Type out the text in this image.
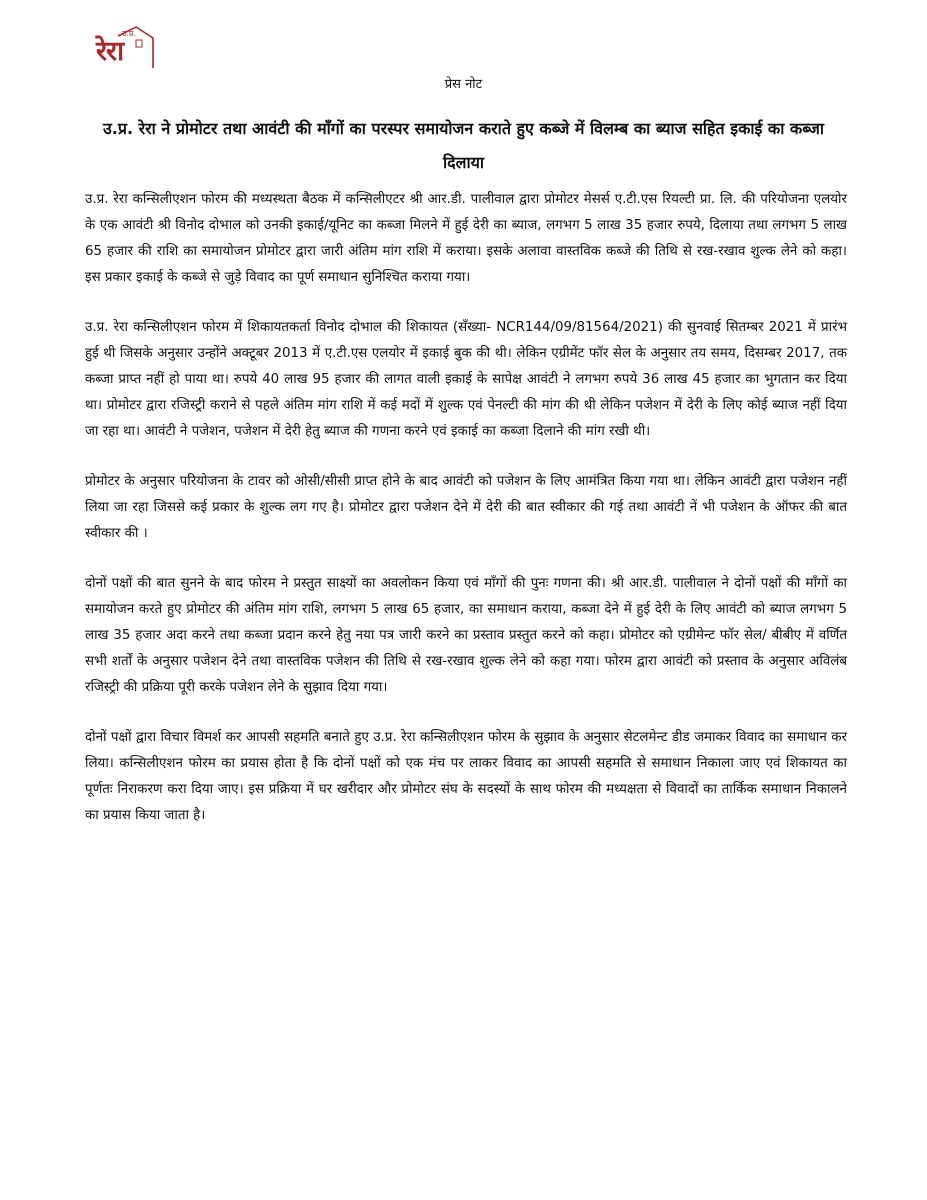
उ.प्र.
रेरा
प्रेस नोट
उ.प्र. रेरा ने प्रोमोटर तथा आवंटी की माँगों का परस्पर समायोजन कराते हुए कब्जे में विलम्ब का ब्याज सहित इकाई का कब्जा दिलाया

उ.प्र. रेरा कन्सिलीएशन फोरम की मध्यस्थता बैठक में कन्सिलीएटर श्री आर.डी. पालीवाल द्वारा प्रोमोटर मेसर्स ए.टी.एस रियल्टी प्रा. लि. की परियोजना एलयोर के एक आवंटी श्री विनोद दोभाल को उनकी इकाई/यूनिट का कब्जा मिलने में हुई देरी का ब्याज, लगभग 5 लाख 35 हजार रुपये, दिलाया तथा लगभग 5 लाख 65 हजार की राशि का समायोजन प्रोमोटर द्वारा जारी अंतिम मांग राशि में कराया। इसके अलावा वास्तविक कब्जे की तिथि से रख-रखाव शुल्क लेने को कहा। इस प्रकार इकाई के कब्जे से जुड़े विवाद का पूर्ण समाधान सुनिश्चित कराया गया।

उ.प्र. रेरा कन्सिलीएशन फोरम में शिकायतकर्ता विनोद दोभाल की शिकायत (सँख्या- NCR144/09/81564/2021) की सुनवाई सितम्बर 2021 में प्रारंभ हुई थी जिसके अनुसार उन्होंने अक्टूबर 2013 में ए.टी.एस एलयोर में इकाई बुक की थी। लेकिन एग्रीमेंट फॉर सेल के अनुसार तय समय, दिसम्बर 2017, तक कब्जा प्राप्त नहीं हो पाया था। रुपये 40 लाख 95 हजार की लागत वाली इकाई के सापेक्ष आवंटी ने लगभग रुपये 36 लाख 45 हजार का भुगतान कर दिया था। प्रोमोटर द्वारा रजिस्ट्री कराने से पहले अंतिम मांग राशि में कई मदों में शुल्क एवं पेनल्टी की मांग की थी लेकिन पजेशन में देरी के लिए कोई ब्याज नहीं दिया जा रहा था। आवंटी ने पजेशन, पजेशन में देरी हेतु ब्याज की गणना करने एवं इकाई का कब्जा दिलाने की मांग रखी थी।

प्रोमोटर के अनुसार परियोजना के टावर को ओसी/सीसी प्राप्त होने के बाद आवंटी को पजेशन के लिए आमंत्रित किया गया था। लेकिन आवंटी द्वारा पजेशन नहीं लिया जा रहा जिससे कई प्रकार के शुल्क लग गए है। प्रोमोटर द्वारा पजेशन देने में देरी की बात स्वीकार की गई तथा आवंटी नें भी पजेशन के ऑफर की बात स्वीकार की ।

दोनों पक्षों की बात सुनने के बाद फोरम ने प्रस्तुत साक्ष्यों का अवलोकन किया एवं माँगों की पुनः गणना की। श्री आर.डी. पालीवाल ने दोनों पक्षों की माँगों का समायोजन करते हुए प्रोमोटर की अंतिम मांग राशि, लगभग 5 लाख 65 हजार, का समाधान कराया, कब्जा देने में हुई देरी के लिए आवंटी को ब्याज लगभग 5 लाख 35 हजार अदा करने तथा कब्जा प्रदान करने हेतु नया पत्र जारी करने का प्रस्ताव प्रस्तुत करने को कहा। प्रोमोटर को एग्रीमेन्ट फॉर सेल/ बीबीए में वर्णित सभी शर्तों के अनुसार पजेशन देने तथा वास्तविक पजेशन की तिथि से रख-रखाव शुल्क लेने को कहा गया। फोरम द्वारा आवंटी को प्रस्ताव के अनुसार अविलंब रजिस्ट्री की प्रक्रिया पूरी करके पजेशन लेने के सुझाव दिया गया।

दोनों पक्षों द्वारा विचार विमर्श कर आपसी सहमति बनाते हुए उ.प्र. रेरा कन्सिलीएशन फोरम के सुझाव के अनुसार सेटलमेन्ट डीड जमाकर विवाद का समाधान कर लिया। कन्सिलीएशन फोरम का प्रयास होता है कि दोनों पक्षों को एक मंच पर लाकर विवाद का आपसी सहमति से समाधान निकाला जाए एवं शिकायत का पूर्णतः निराकरण करा दिया जाए। इस प्रक्रिया में घर खरीदार और प्रोमोटर संघ के सदस्यों के साथ फोरम की मध्यक्षता से विवादों का तार्किक समाधान निकालने का प्रयास किया जाता है।
